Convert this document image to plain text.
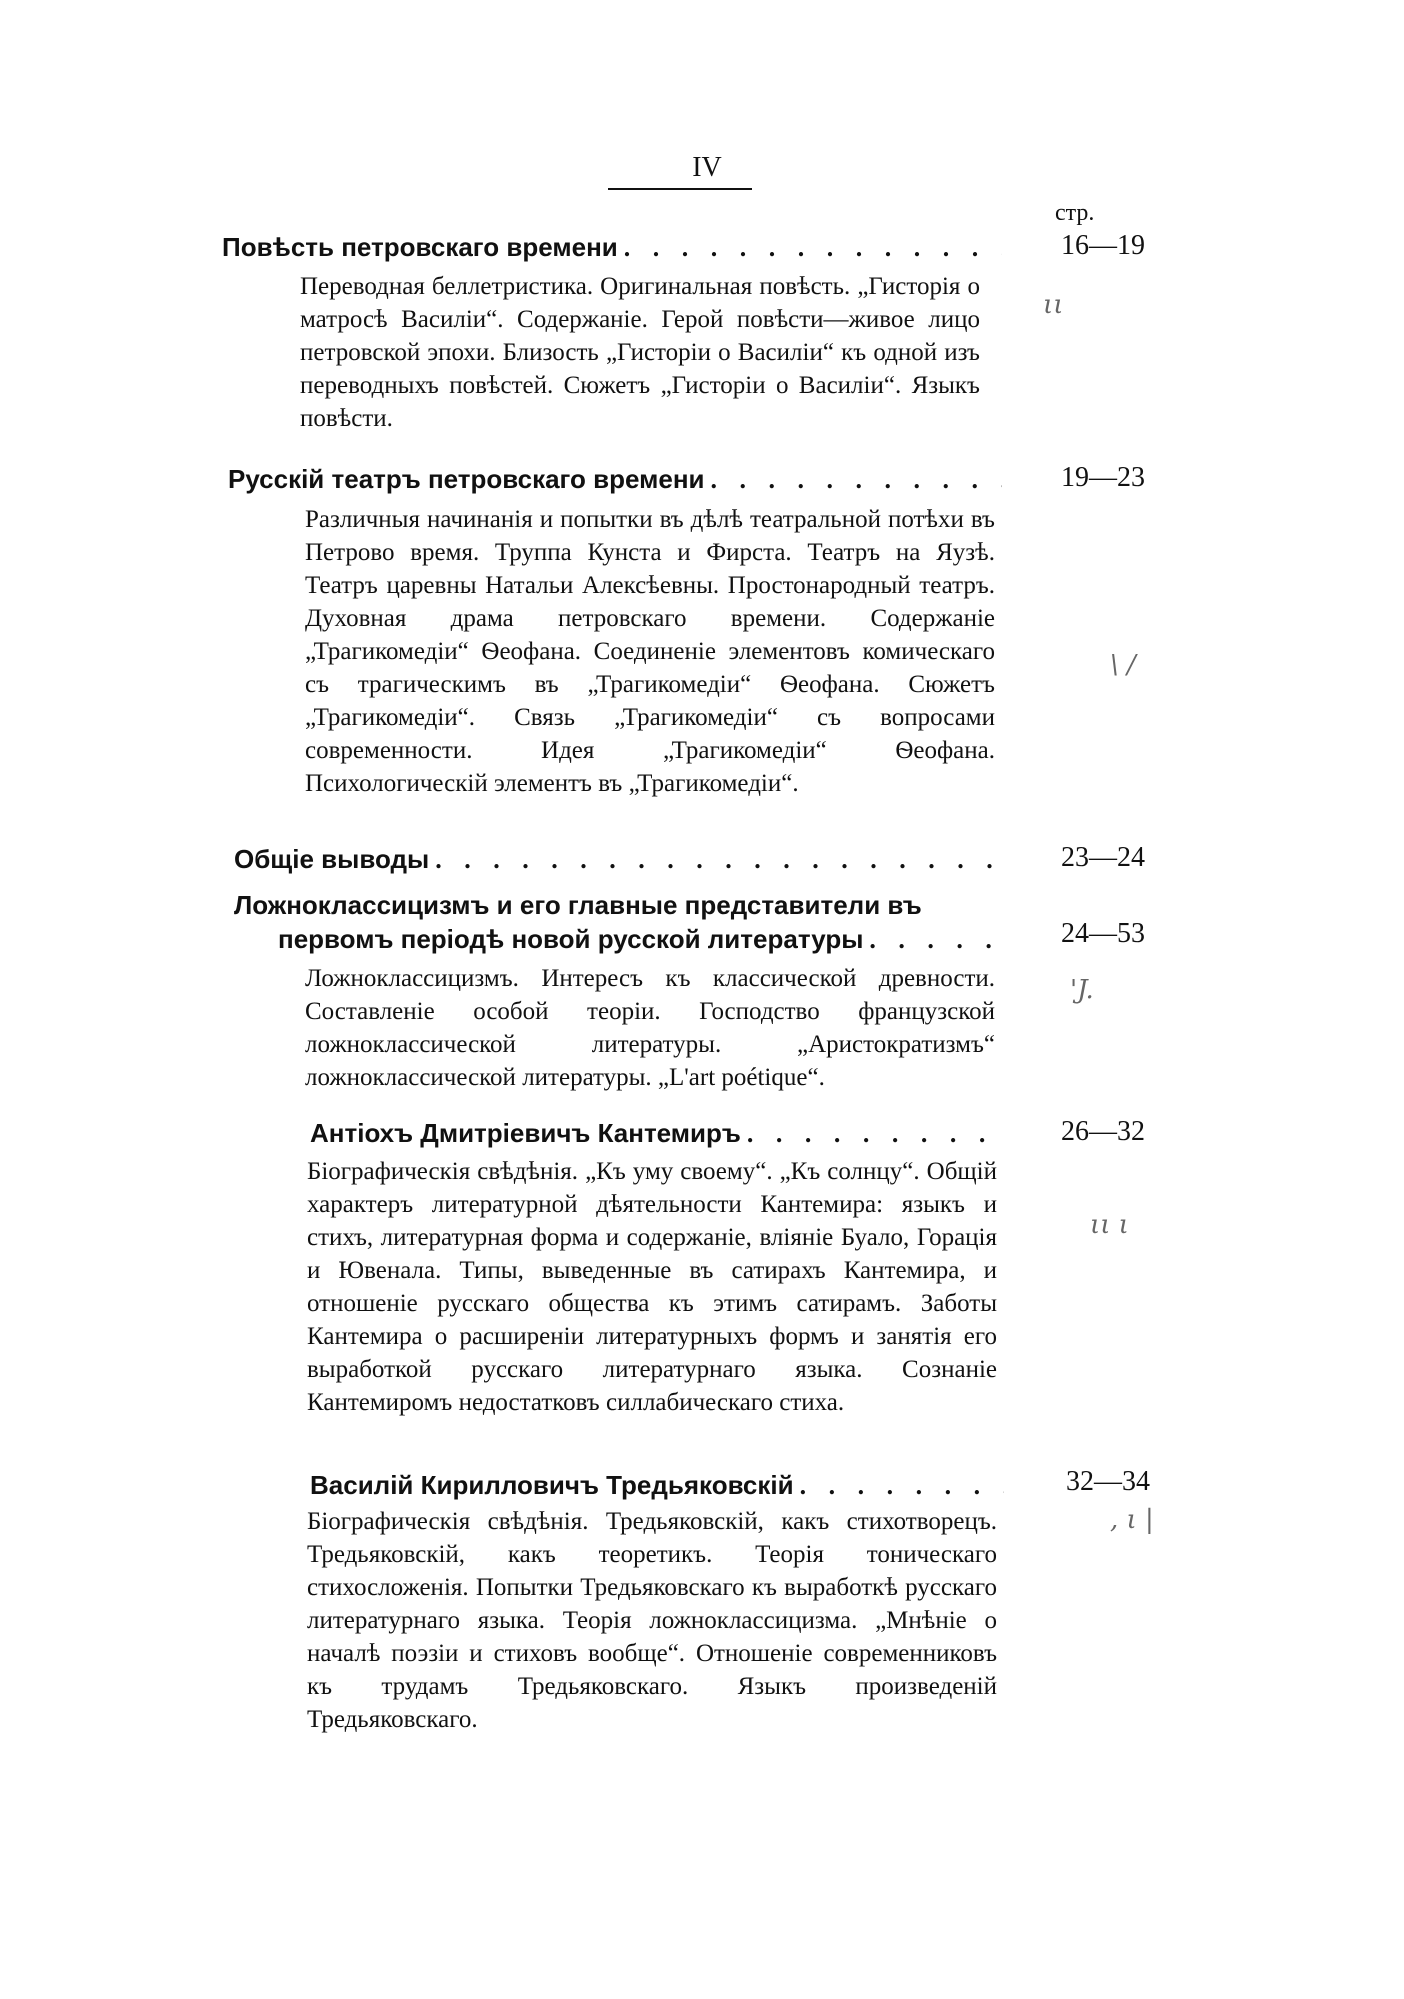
IV
стр.
Повѣсть петровскаго времени . . .	16—19
Переводная беллетристика. Оригинальная повѣсть. „Гисторія о матросѣ Василіи“. Содержаніе. Герой повѣсти—живое лицо петровской эпохи. Близость „Гисторіи о Василіи“ къ одной изъ переводныхъ повѣстей. Сюжетъ „Гисторіи о Василіи“. Языкъ повѣсти.
ιι
Русскій театръ петровскаго времени . . .	19—23
Различныя начинанія и попытки въ дѣлѣ театральной потѣхи въ Петрово время. Труппа Кунста и Фирста. Театръ на Яузѣ. Театръ царевны Натальи Алексѣевны. Простонародный театръ. Духовная драма петровскаго времени. Содержаніе „Трагикомедіи“ Ѳеофана. Соединеніе элементовъ комическаго съ трагическимъ въ „Трагикомедіи“ Ѳеофана. Сюжетъ „Трагикомедіи“. Связь „Трагикомедіи“ съ вопросами современности. Идея „Трагикомедіи“ Ѳеофана. Психологическій элементъ въ „Трагикомедіи“.
\ /
Общіе выводы . . .	23—24
Ложноклассицизмъ и его главные представители въ
первомъ періодѣ новой русской литературы . . .	24—53
Ложноклассицизмъ. Интересъ къ классической древности. Составленіе особой теоріи. Господство французской ложноклассической литературы. „Аристократизмъ“ ложноклассической литературы. „L'art poétique“.
'J.
Антіохъ Дмитріевичъ Кантемиръ . . .	26—32
Біографическія свѣдѣнія. „Къ уму своему“. „Къ солнцу“. Общій характеръ литературной дѣятельности Кантемира: языкъ и стихъ, литературная форма и содержаніе, вліяніе Буало, Горація и Ювенала. Типы, выведенные въ сатирахъ Кантемира, и отношеніе русскаго общества къ этимъ сатирамъ. Заботы Кантемира о расширеніи литературныхъ формъ и занятія его выработкой русскаго литературнаго языка. Сознаніе Кантемиромъ недостатковъ силлабическаго стиха.
ιι ι
Василій Кирилловичъ Тредьяковскій . . .	32—34
Біографическія свѣдѣнія. Тредьяковскій, какъ стихотворецъ. Тредьяковскій, какъ теоретикъ. Теорія тоническаго стихосложенія. Попытки Тредьяковскаго къ выработкѣ русскаго литературнаго языка. Теорія ложноклассицизма. „Мнѣніе о началѣ поэзіи и стиховъ вообще“. Отношеніе современниковъ къ трудамъ Тредьяковскаго. Языкъ произведеній Тредьяковскаго.
, ι |
